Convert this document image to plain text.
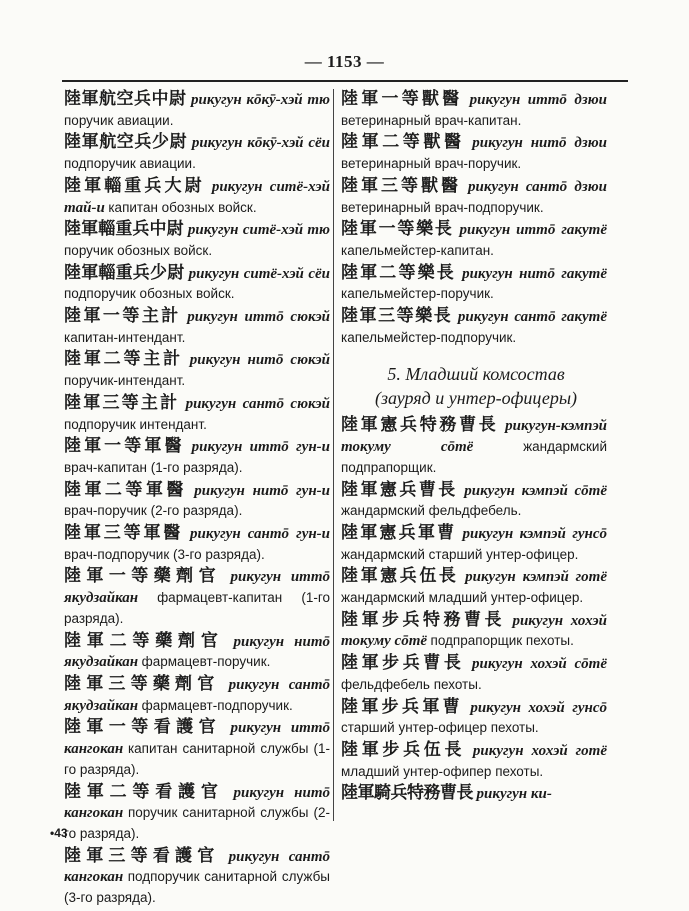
— 1153 —

陸軍航空兵中尉 рикугун кōкӯ-хэй тю поручик авиации.

陸軍航空兵少尉 рикугун кōкӯ-хэй сёи подпоручик авиации.

陸軍輜重兵大尉 рикугун ситё-хэй тай-и капитан обозных войск.

陸軍輜重兵中尉 рикугун ситё-хэй тю поручик обозных войск.

陸軍輜重兵少尉 рикугун ситё-хэй сёи подпоручик обозных войск.

陸軍一等主計 рикугун иттō сюкэй капитан-интендант.

陸軍二等主計 рикугун нитō сюкэй поручик-интендант.

陸軍三等主計 рикугун сантō сюкэй подпоручик интендант.

陸軍一等軍醫 рикугун иттō гун-и врач-капитан (1-го разряда).

陸軍二等軍醫 рикугун нитō гун-и врач-поручик (2-го разряда).

陸軍三等軍醫 рикугун сантō гун-и врач-подпоручик (3-го разряда).

陸軍一等藥劑官 рикугун иттō якудзайкан фармацевт-капитан (1-го разряда).

陸軍二等藥劑官 рикугун нитō якудзайкан фармацевт-поручик.

陸軍三等藥劑官 рикугун сантō якудзайкан фармацевт-подпоручик.

陸軍一等看護官 рикугун иттō кангокан капитан санитарной службы (1-го разряда).

陸軍二等看護官 рикугун нитō кангокан поручик санитарной службы (2-го разряда).

陸軍三等看護官 рикугун сантō кангокан подпоручик санитарной службы (3-го разряда).

陸軍一等獸醫 рикугун иттō дзюи ветеринарный врач-капитан.

陸軍二等獸醫 рикугун нитō дзюи ветеринарный врач-поручик.

陸軍三等獸醫 рикугун сантō дзюи ветеринарный врач-подпоручик.

陸軍一等樂長 рикугун иттō гакутё капельмейстер-капитан.

陸軍二等樂長 рикугун нитō гакутё капельмейстер-поручик.

陸軍三等樂長 рикугун сантō гакутё капельмейстер-подпоручик.

5. Младший комсостав
(зауряд и унтер-офицеры)

陸軍憲兵特務曹長 рикугун-кэмпэй токуму сōтё	жандармский подпрапорщик.

陸軍憲兵曹長 рикугун кэмпэй сōтё жандармский фельдфебель.

陸軍憲兵軍曹 рикугун кэмпэй гунсō жандармский старший унтер-офицер.

陸軍憲兵伍長 рикугун кэмпэй готё жандармский младший унтер-офицер.

陸軍步兵特務曹長 рикугун хохэй токуму сōтё подпрапорщик пехоты.

陸軍步兵曹長 рикугун хохэй сōтё фельдфебель пехоты.

陸軍步兵軍曹 рикугун хохэй гунсō старший унтер-офицер пехоты.

陸軍步兵伍長 рикугун хохэй готё младший унтер-офипер пехоты.

陸軍騎兵特務曹長 рикугун ки-

•43
